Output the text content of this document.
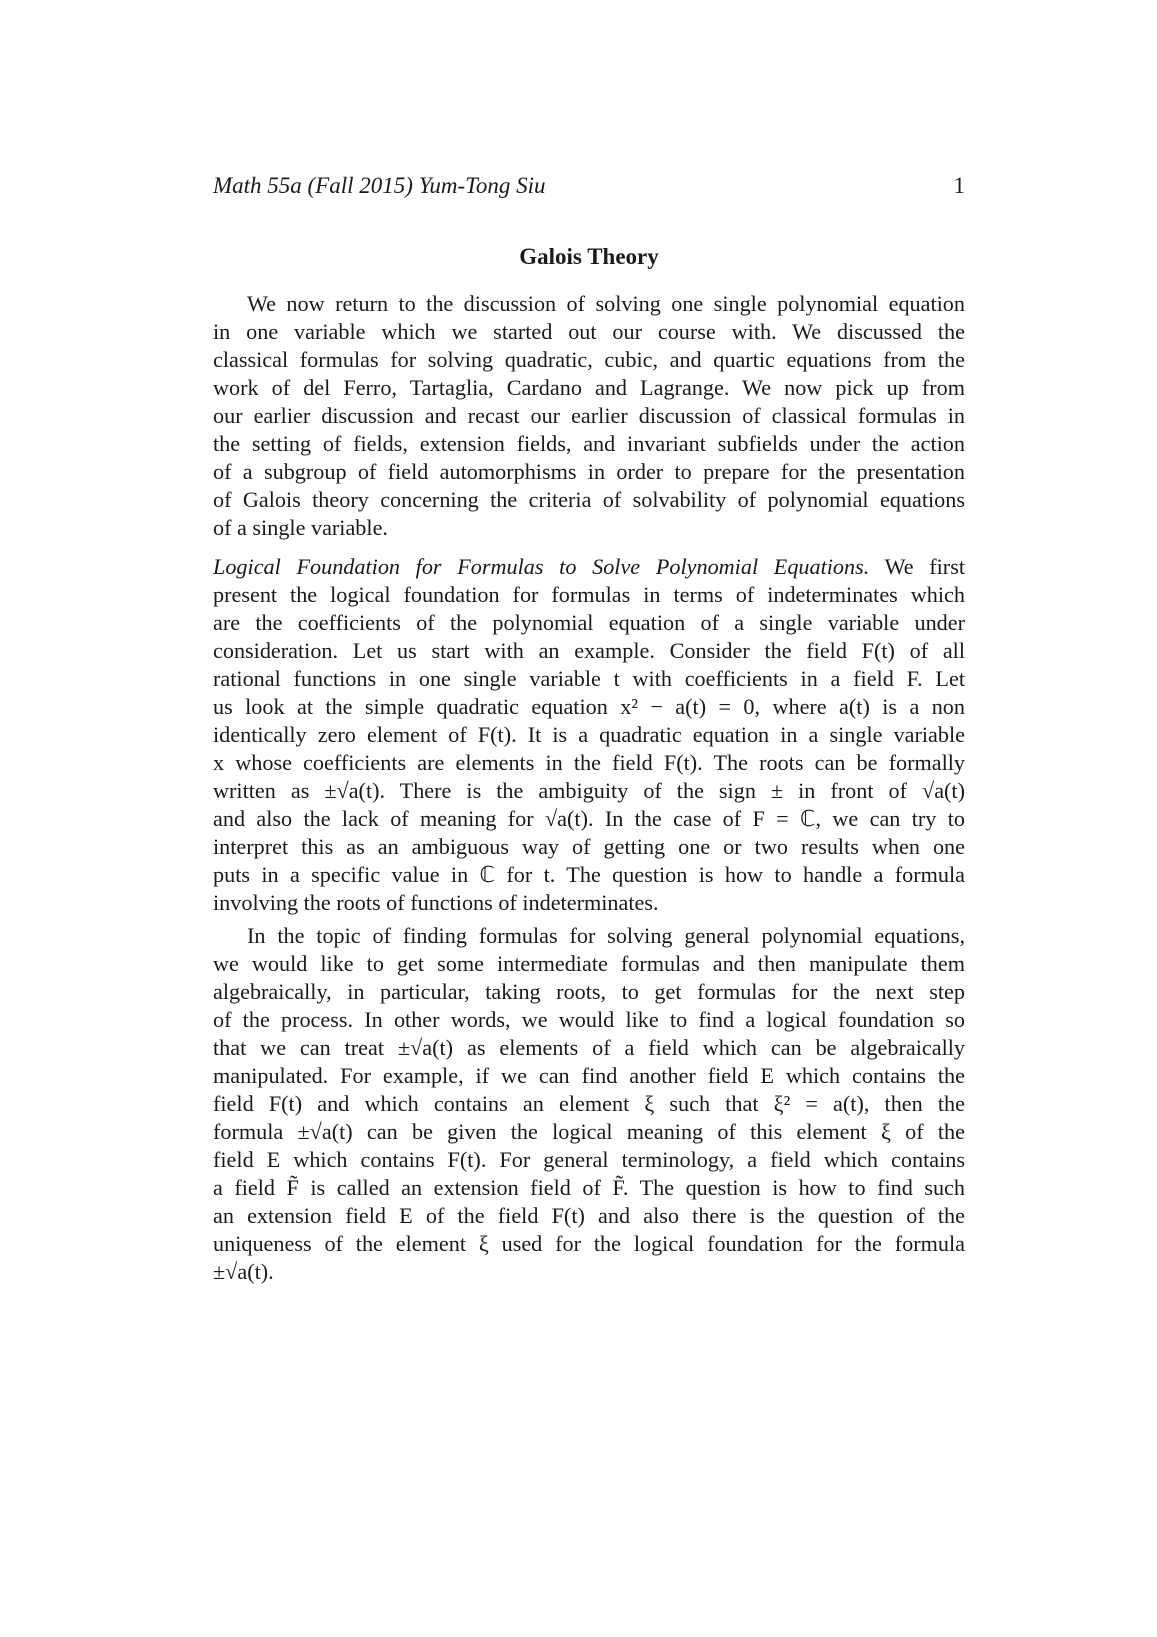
Math 55a (Fall 2015) Yum-Tong Siu	1
Galois Theory
We now return to the discussion of solving one single polynomial equation
in one variable which we started out our course with. We discussed the
classical formulas for solving quadratic, cubic, and quartic equations from the
work of del Ferro, Tartaglia, Cardano and Lagrange. We now pick up from
our earlier discussion and recast our earlier discussion of classical formulas in
the setting of fields, extension fields, and invariant subfields under the action
of a subgroup of field automorphisms in order to prepare for the presentation
of Galois theory concerning the criteria of solvability of polynomial equations
of a single variable.
Logical Foundation for Formulas to Solve Polynomial Equations. We first
present the logical foundation for formulas in terms of indeterminates which
are the coefficients of the polynomial equation of a single variable under
consideration. Let us start with an example. Consider the field F(t) of all
rational functions in one single variable t with coefficients in a field F. Let
us look at the simple quadratic equation x² − a(t) = 0, where a(t) is a non
identically zero element of F(t). It is a quadratic equation in a single variable
x whose coefficients are elements in the field F(t). The roots can be formally
written as ±√a(t). There is the ambiguity of the sign ± in front of √a(t)
and also the lack of meaning for √a(t). In the case of F = ℂ, we can try to
interpret this as an ambiguous way of getting one or two results when one
puts in a specific value in ℂ for t. The question is how to handle a formula
involving the roots of functions of indeterminates.
In the topic of finding formulas for solving general polynomial equations,
we would like to get some intermediate formulas and then manipulate them
algebraically, in particular, taking roots, to get formulas for the next step
of the process. In other words, we would like to find a logical foundation so
that we can treat ±√a(t) as elements of a field which can be algebraically
manipulated. For example, if we can find another field E which contains the
field F(t) and which contains an element ξ such that ξ² = a(t), then the
formula ±√a(t) can be given the logical meaning of this element ξ of the
field E which contains F(t). For general terminology, a field which contains
a field F̃ is called an extension field of F̃. The question is how to find such
an extension field E of the field F(t) and also there is the question of the
uniqueness of the element ξ used for the logical foundation for the formula
±√a(t).
